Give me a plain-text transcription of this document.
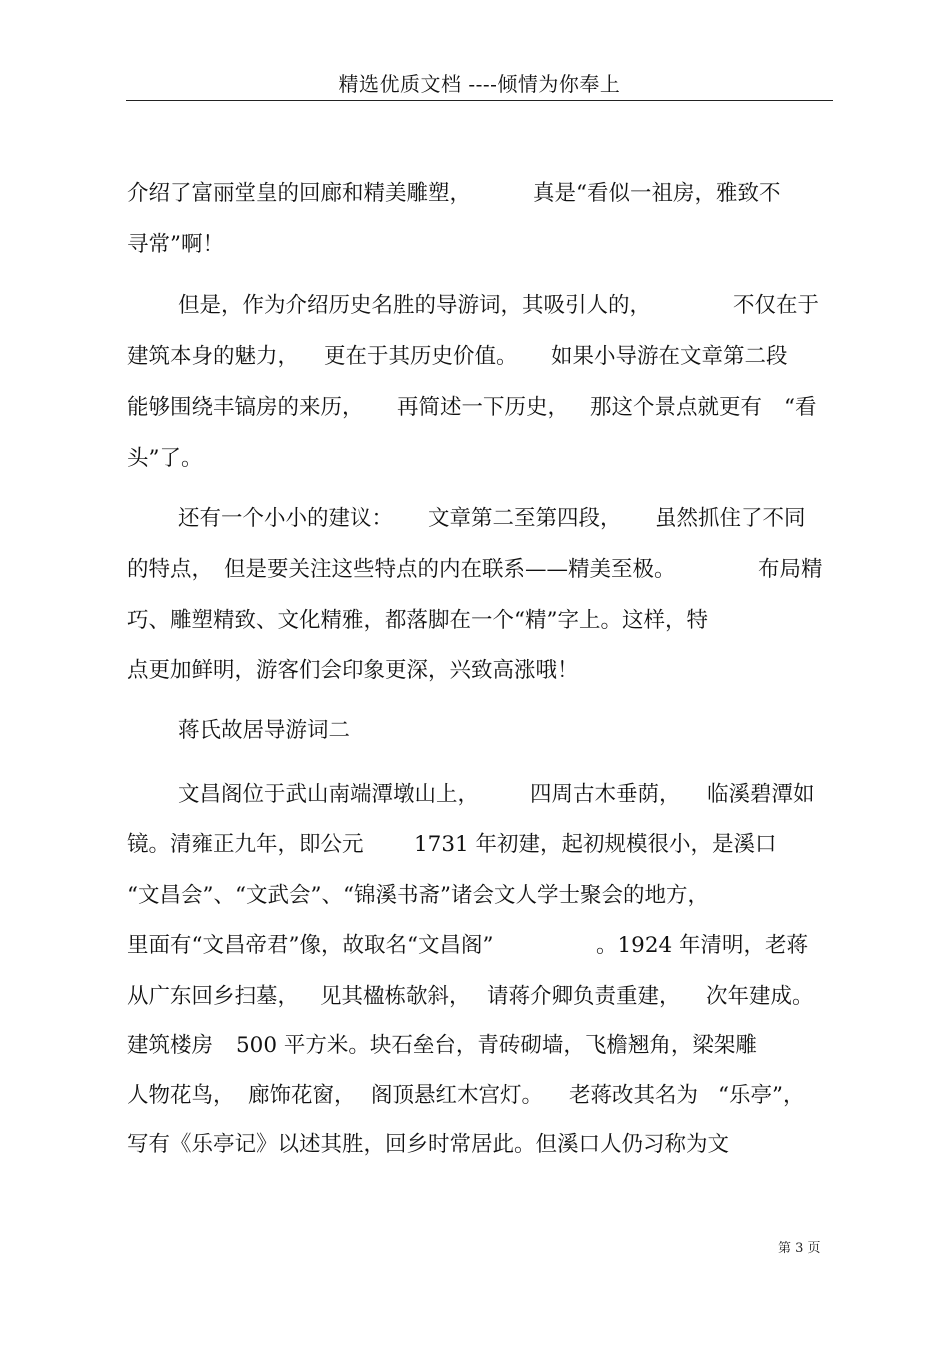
精选优质文档 ----倾情为你奉上

介绍了富丽堂皇的回廊和精美雕塑，

	真是“看似一祖房，雅致不

寻常”啊！

但是，作为介绍历史名胜的导游词，其吸引人的，

	不仅在于

建筑本身的魅力，

更在于其历史价值。

如果小导游在文章第二段

能够围绕丰镐房的来历，

再简述一下历史，

那这个景点就更有

“看

头”了。

还有一个小小的建议：

文章第二至第四段，

虽然抓住了不同

的特点，

但是要关注这些特点的内在联系——精美至极。

	布局精

巧、雕塑精致、文化精雅，都落脚在一个“精”字上。这样，特

点更加鲜明，游客们会印象更深，兴致高涨哦！

蒋氏故居导游词二

文昌阁位于武山南端潭墩山上，

四周古木垂荫，

临溪碧潭如

镜。清雍正九年，即公元

1731 年初建，起初规模很小，是溪口

“文昌会”、“文武会”、“锦溪书斋”诸会文人学士聚会的地方，

里面有“文昌帝君”像，故取名“文昌阁”

	。1924 年清明，老蒋

从广东回乡扫墓，

见其楹栋欹斜，

请蒋介卿负责重建，

次年建成。

建筑楼房

500 平方米。块石垒台，青砖砌墙，飞檐翘角，梁架雕

人物花鸟，

廊饰花窗，

阁顶悬红木宫灯。

老蒋改其名为

“乐亭”，

写有《乐亭记》以述其胜，回乡时常居此。但溪口人仍习称为文

第 3 页
